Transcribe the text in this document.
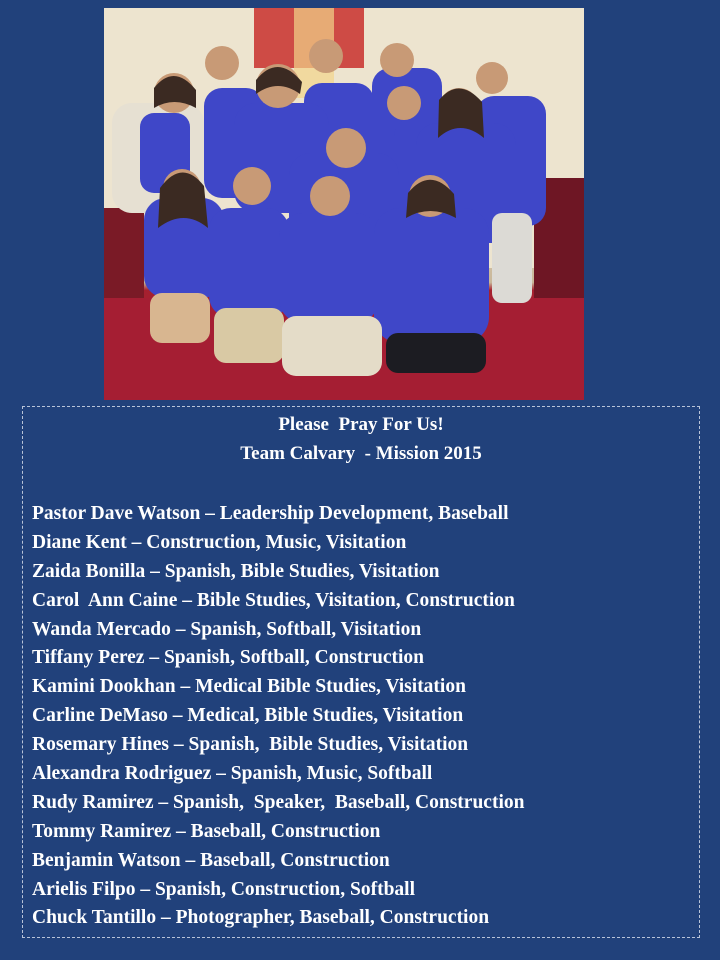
Please  Pray For Us!
Team Calvary  - Mission 2015
Pastor Dave Watson – Leadership Development, Baseball
Diane Kent – Construction, Music, Visitation
Zaida Bonilla – Spanish, Bible Studies, Visitation
Carol  Ann Caine – Bible Studies, Visitation, Construction
Wanda Mercado – Spanish, Softball, Visitation
Tiffany Perez – Spanish, Softball, Construction
Kamini Dookhan – Medical Bible Studies, Visitation
Carline DeMaso – Medical, Bible Studies, Visitation
Rosemary Hines – Spanish,  Bible Studies, Visitation
Alexandra Rodriguez – Spanish, Music, Softball
Rudy Ramirez – Spanish,  Speaker,  Baseball, Construction
Tommy Ramirez – Baseball, Construction
Benjamin Watson – Baseball, Construction
Arielis Filpo – Spanish, Construction, Softball
Chuck Tantillo – Photographer, Baseball, Construction
